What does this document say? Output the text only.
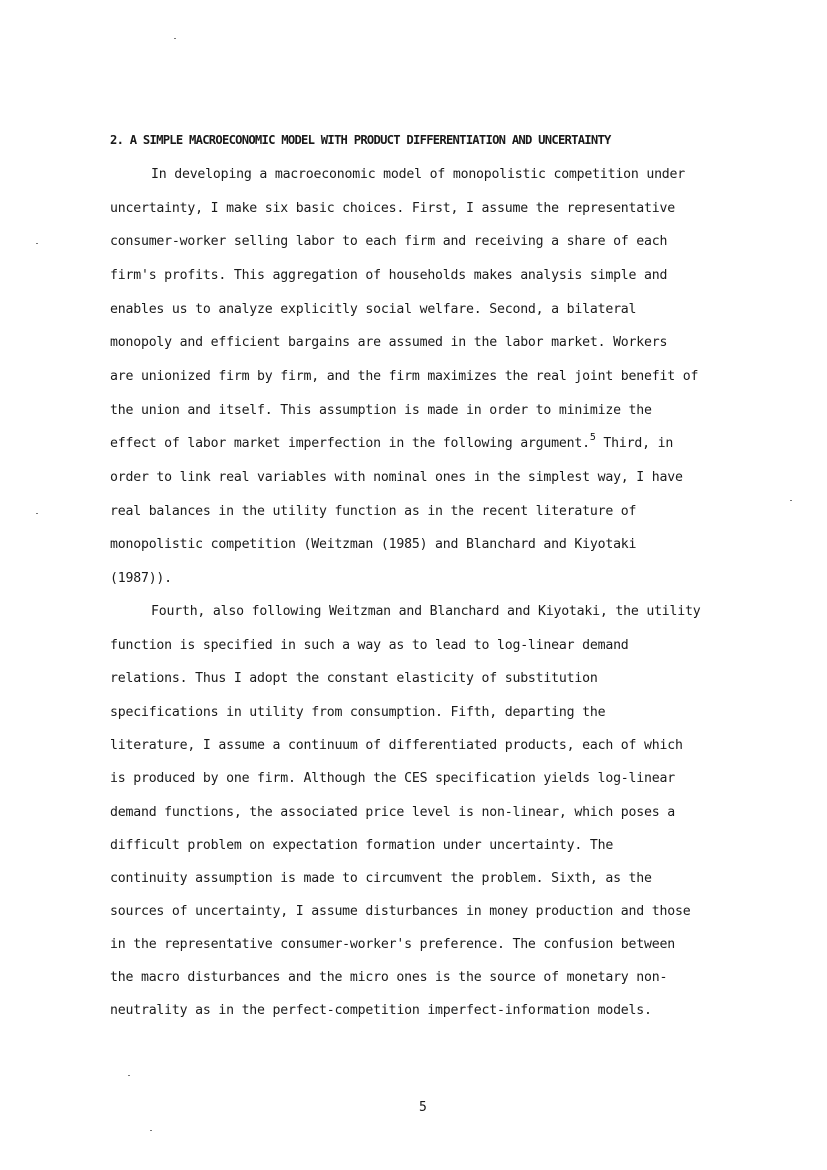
2. A SIMPLE MACROECONOMIC MODEL WITH PRODUCT DIFFERENTIATION AND UNCERTAINTY
In developing a macroeconomic model of monopolistic competition under
uncertainty, I make six basic choices. First, I assume the representative
consumer-worker selling labor to each firm and receiving a share of each
firm's profits. This aggregation of households makes analysis simple and
enables us to analyze explicitly social welfare. Second, a bilateral
monopoly and efficient bargains are assumed in the labor market. Workers
are unionized firm by firm, and the firm maximizes the real joint benefit of
the union and itself. This assumption is made in order to minimize the
effect of labor market imperfection in the following argument.$^5$ Third, in
order to link real variables with nominal ones in the simplest way, I have
real balances in the utility function as in the recent literature of
monopolistic competition (Weitzman (1985) and Blanchard and Kiyotaki
(1987)).
Fourth, also following Weitzman and Blanchard and Kiyotaki, the utility
function is specified in such a way as to lead to log-linear demand
relations. Thus I adopt the constant elasticity of substitution
specifications in utility from consumption. Fifth, departing the
literature, I assume a continuum of differentiated products, each of which
is produced by one firm. Although the CES specification yields log-linear
demand functions, the associated price level is non-linear, which poses a
difficult problem on expectation formation under uncertainty. The
continuity assumption is made to circumvent the problem. Sixth, as the
sources of uncertainty, I assume disturbances in money production and those
in the representative consumer-worker's preference. The confusion between
the macro disturbances and the micro ones is the source of monetary non-
neutrality as in the perfect-competition imperfect-information models.
5
